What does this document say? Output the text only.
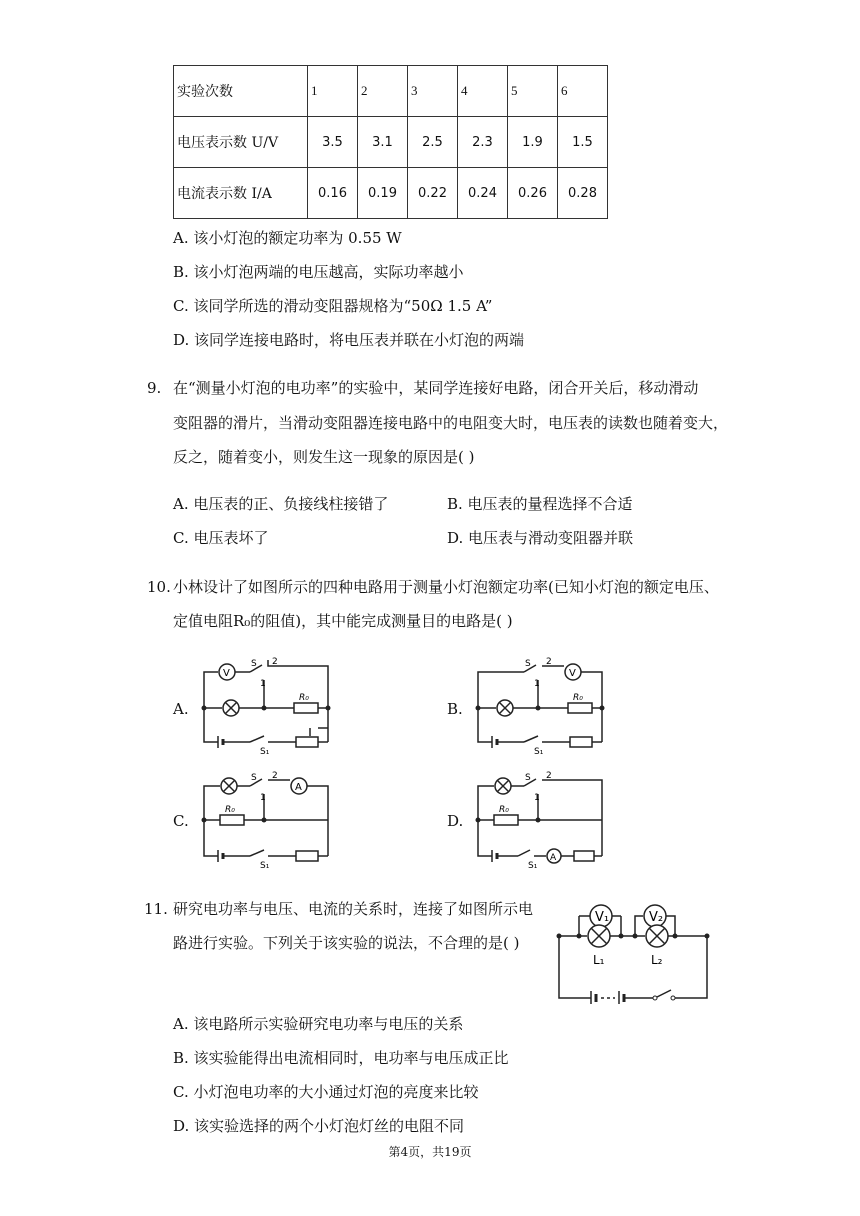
实验次数	1	2	3	4	5	6
电压表示数 U/V	3.5	3.1	2.5	2.3	1.9	1.5
电流表示数 I/A	0.16	0.19	0.22	0.24	0.26	0.28
A. 该小灯泡的额定功率为 0.55 W
B. 该小灯泡两端的电压越高，实际功率越小
C. 该同学所选的滑动变阻器规格为“50Ω 1.5 A”
D. 该同学连接电路时，将电压表并联在小灯泡的两端
9. 在“测量小灯泡的电功率”的实验中，某同学连接好电路，闭合开关后，移动滑动
变阻器的滑片，当滑动变阻器连接电路中的电阻变大时，电压表的读数也随着变大，
反之，随着变小，则发生这一现象的原因是( )
A. 电压表的正、负接线柱接错了	B. 电压表的量程选择不合适
C. 电压表坏了	D. 电压表与滑动变阻器并联
10. 小林设计了如图所示的四种电路用于测量小灯泡额定功率(已知小灯泡的额定电压、
定值电阻R₀的阻值)，其中能完成测量目的电路是( )
A.	B.
C.	D.
V
S
1
2
R₀
S₁
V
S
1
2
R₀
S₁
A
S
1
2
R₀
S₁
A
S
1
2
R₀
S₁
11. 研究电功率与电压、电流的关系时，连接了如图所示电
路进行实验。下列关于该实验的说法，不合理的是( )
V₁	V₂
L₁	L₂
A. 该电路所示实验研究电功率与电压的关系
B. 该实验能得出电流相同时，电功率与电压成正比
C. 小灯泡电功率的大小通过灯泡的亮度来比较
D. 该实验选择的两个小灯泡灯丝的电阻不同
第4页，共19页
